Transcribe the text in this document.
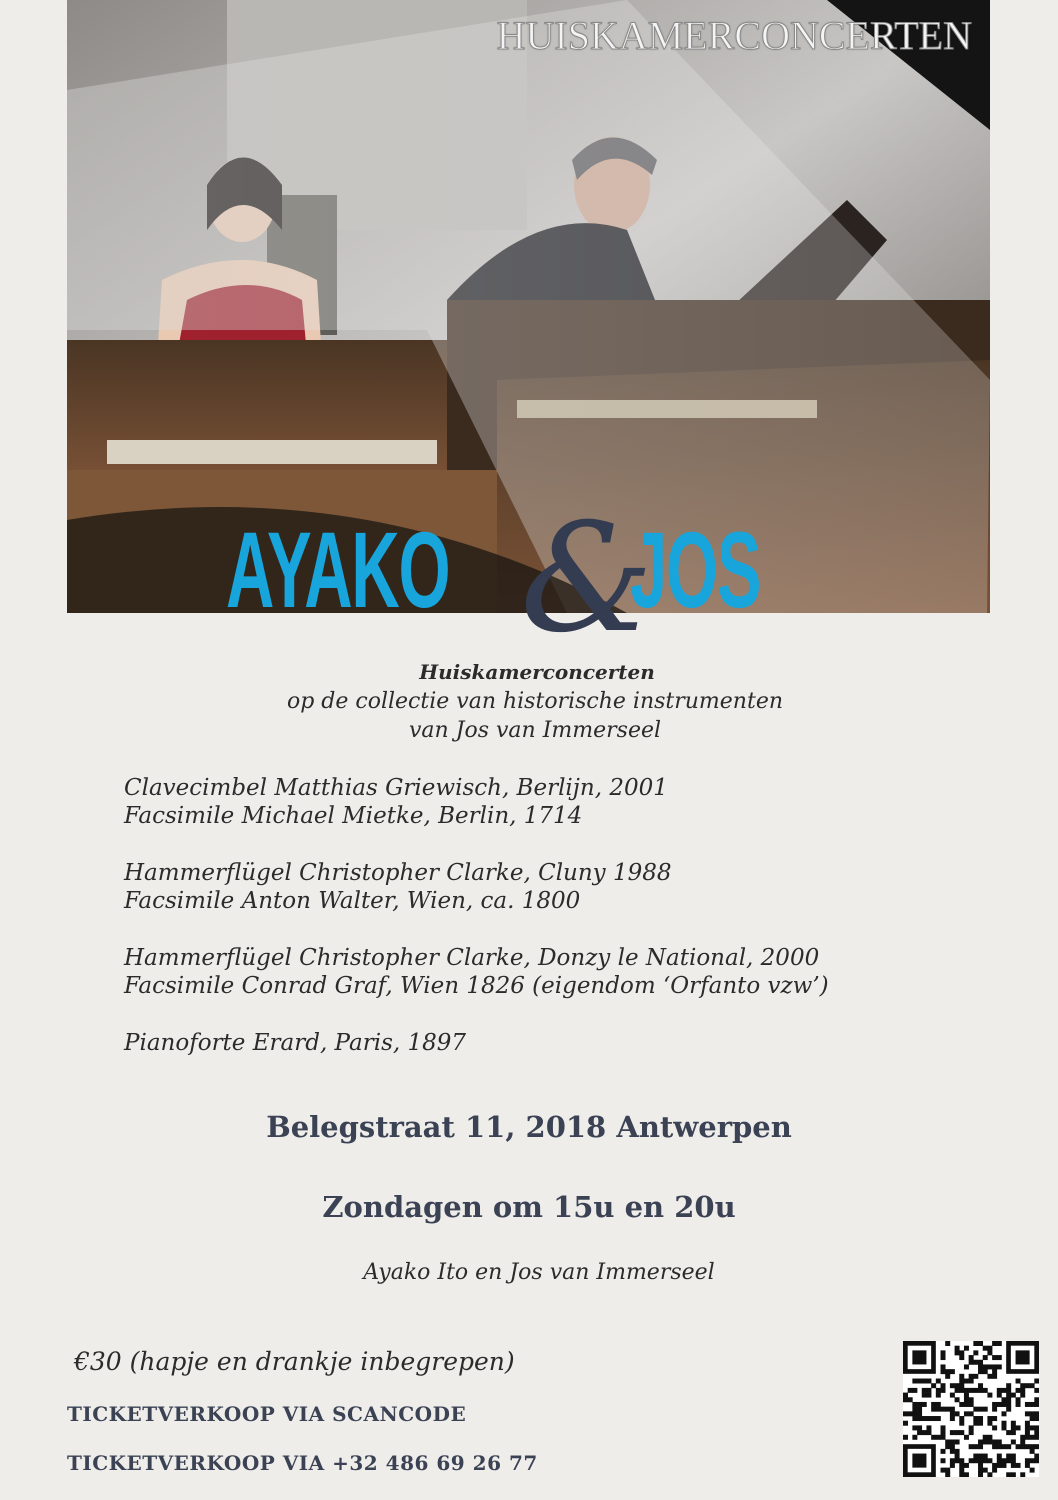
HUISKAMERCONCERTEN
AYAKO &
JOS
Huiskamerconcerten
op de collectie van historische instrumenten
van Jos van Immerseel
Clavecimbel Matthias Griewisch, Berlijn, 2001
Facsimile Michael Mietke, Berlin, 1714
Hammerflügel Christopher Clarke, Cluny 1988
Facsimile Anton Walter, Wien, ca. 1800
Hammerflügel Christopher Clarke, Donzy le National, 2000
Facsimile Conrad Graf, Wien 1826 (eigendom ‘Orfanto vzw’)
Pianoforte Erard, Paris, 1897
Belegstraat 11, 2018 Antwerpen
Zondagen om 15u en 20u
Ayako Ito en Jos van Immerseel
€30 (hapje en drankje inbegrepen)
TICKETVERKOOP VIA SCANCODE
TICKETVERKOOP VIA +32 486 69 26 77
